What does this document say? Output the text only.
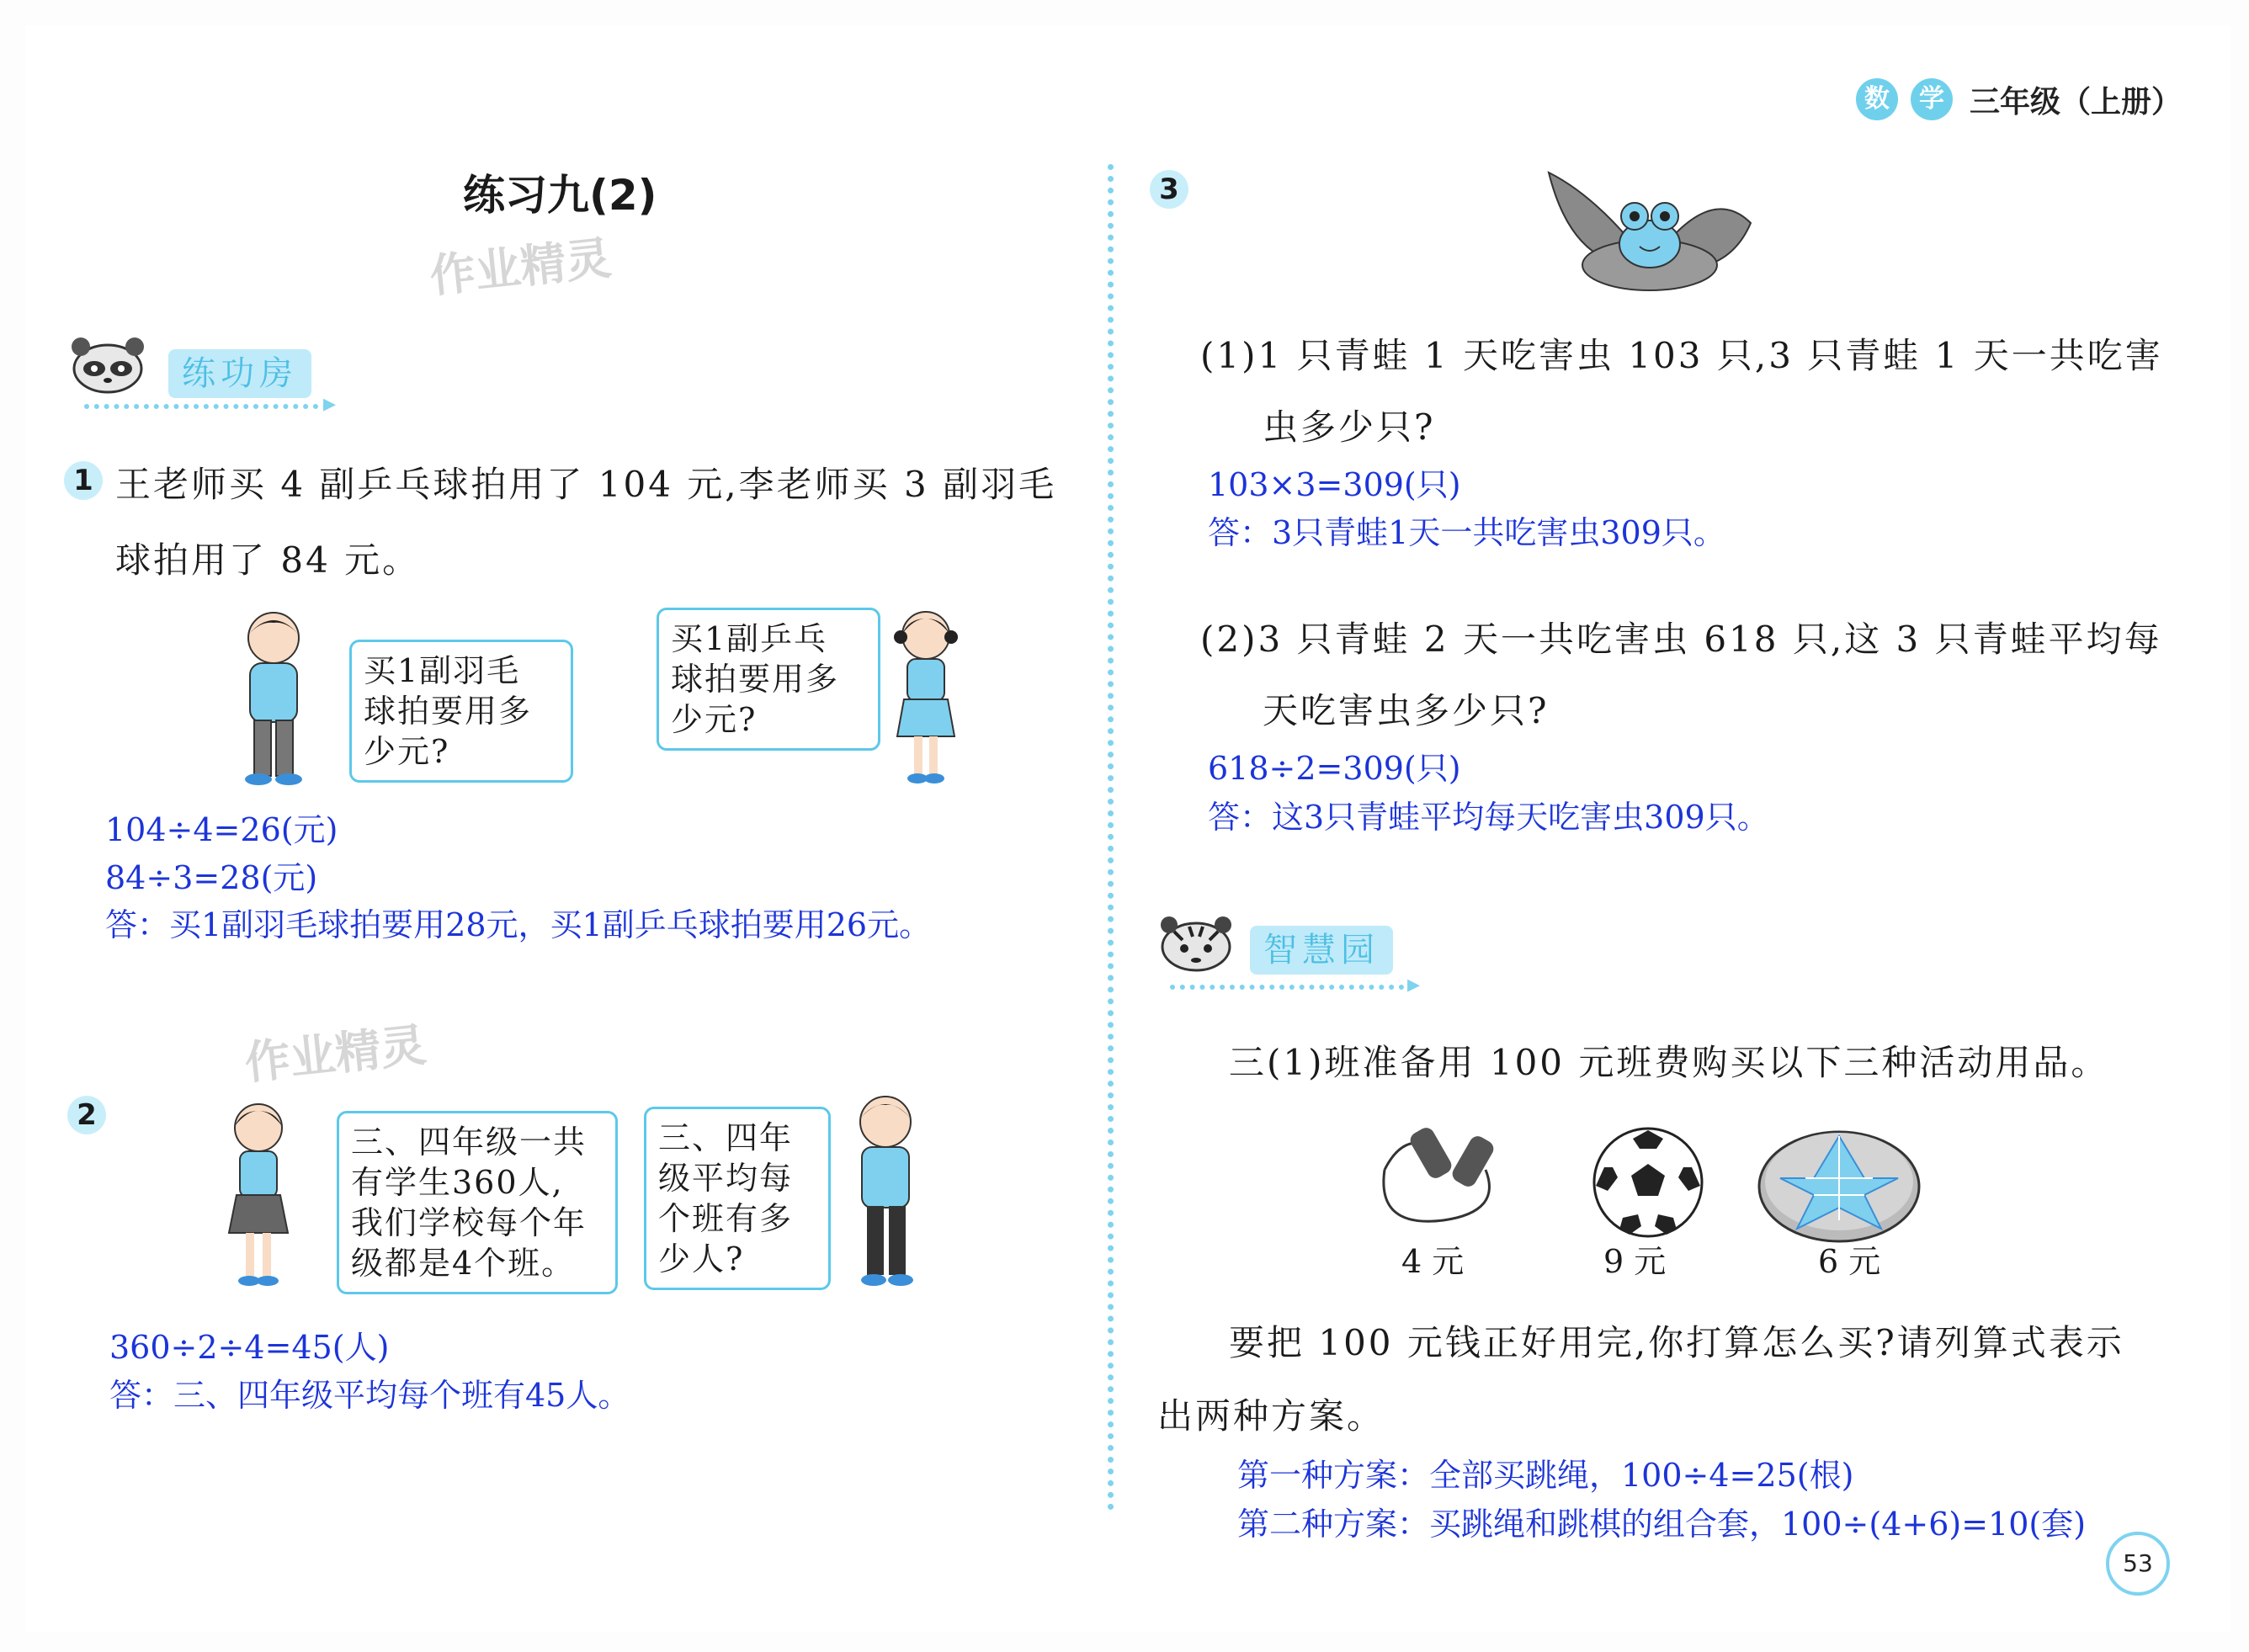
数	学 三年级（上册）
练习九(2)
作业精灵
练功房
▸
1 王老师买 4 副乒乓球拍用了 104 元,李老师买 3 副羽毛
球拍用了 84 元。
买1副羽毛
球拍要用多
少元?
买1副乒乓
球拍要用多
少元?
104÷4=26(元)
84÷3=28(元)
答：买1副羽毛球拍要用28元，买1副乒乓球拍要用26元。
作业精灵
2
三、四年级一共
有学生360人,
我们学校每个年
级都是4个班。
三、四年
级平均每
个班有多
少人?
360÷2÷4=45(人)
答：三、四年级平均每个班有45人。
3
(1)1 只青蛙 1 天吃害虫 103 只,3 只青蛙 1 天一共吃害
虫多少只?
103×3=309(只)
答：3只青蛙1天一共吃害虫309只。
(2)3 只青蛙 2 天一共吃害虫 618 只,这 3 只青蛙平均每
天吃害虫多少只?
618÷2=309(只)
答：这3只青蛙平均每天吃害虫309只。
智慧园
▸
三(1)班准备用 100 元班费购买以下三种活动用品。
4 元	9 元	6 元
要把 100 元钱正好用完,你打算怎么买?请列算式表示
出两种方案。
第一种方案：全部买跳绳，100÷4=25(根)
第二种方案：买跳绳和跳棋的组合套，100÷(4+6)=10(套)
53
